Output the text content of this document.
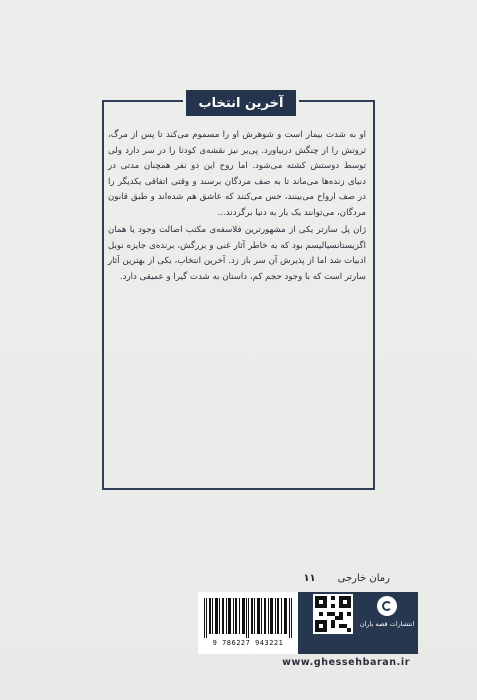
آخرین انتخاب

او به شدت بیمار است و شوهرش او را مسموم می‌کند تا پس از مرگ، ثروتش را از چنگش دربیاورد. پی‌یر نیز نقشه‌ی کودتا را در سر دارد ولی توسط دوستش کشته می‌شود. اما روح این دو نفر همچنان مدتی در دنیای زنده‌ها می‌ماند تا به صف مردگان برسند و وقتی اتفاقی یکدیگر را در صف ارواح می‌بینند، حس می‌کنند که عاشق هم شده‌اند و طبق قانون مردگان، می‌توانند یک بار به دنیا برگردند...

ژان پل سارتر یکی از مشهورترین فلاسفه‌ی مکتب اصالت وجود یا همان اگزیستانسیالیسم بود که به خاطر آثار غنی و بزرگش، برنده‌ی جایزه نوبل ادبیات شد اما از پذیرش آن سر باز زد. آخرین انتخاب، یکی از بهترین آثار سارتر است که با وجود حجم کم، داستان به شدت گیرا و عمیقی دارد.

رمان خارجی
۱۱
9 786227 943221
انتشارات قصه باران
www.ghessehbaran.ir
